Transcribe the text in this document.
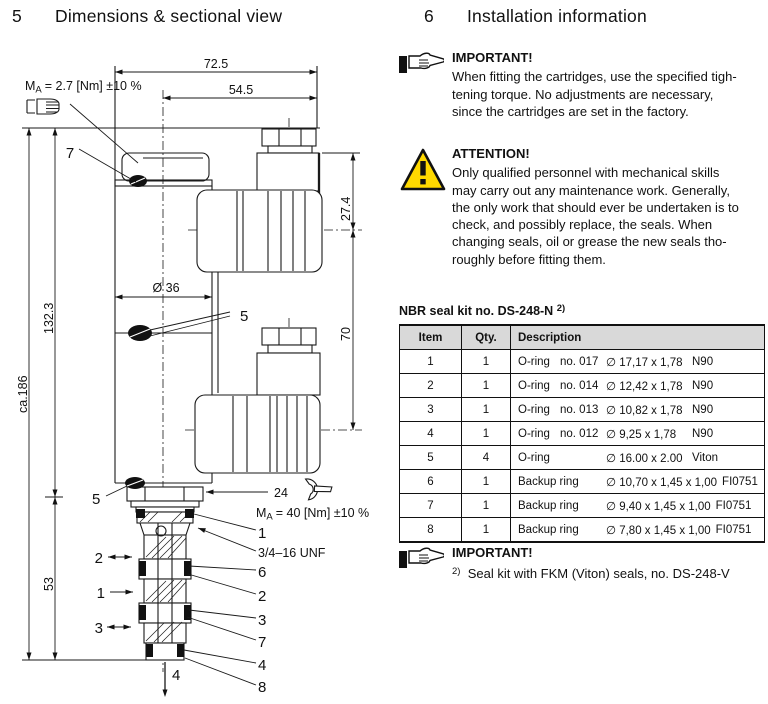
5	Dimensions & sectional view	6	Installation information
72.5
54.5
$M_A = 2.7$ [Nm] ±10 %
ca.186
132.3
53
Ø 36
27.4
70
24
$M_A = 40$ [Nm] ±10 %
3/4–16 UNF
7
5
5
1
6
2
3
7
4
8
2
1
3
4
IMPORTANT!
When fitting the cartridges, use the specified tigh-
tening torque. No adjustments are necessary,
since the cartridges are set in the factory.
ATTENTION!
Only qualified personnel with mechanical skills
may carry out any maintenance work. Generally,
the only work that should ever be undertaken is to
check, and possibly replace, the seals. When
changing seals, oil or grease the new seals tho-
roughly before fitting them.
NBR seal kit no. DS-248-N $^{2)}$
Item	Qty.	Description
1	1	O-ring no. 017 ∅ 17,17 x 1,78 N90
2	1	O-ring no. 014 ∅ 12,42 x 1,78 N90
3	1	O-ring no. 013 ∅ 10,82 x 1,78 N90
4	1	O-ring no. 012 ∅ 9,25 x 1,78	N90
5	4	O-ring	∅ 16.00 x 2.00 Viton
6	1	Backup ring	∅ 10,70 x 1,45 x 1,00 FI0751
7	1	Backup ring	∅ 9,40 x 1,45 x 1,00 FI0751
8	1	Backup ring	∅ 7,80 x 1,45 x 1,00 FI0751
IMPORTANT!
$^{2)}$ Seal kit with FKM (Viton) seals, no. DS-248-V
